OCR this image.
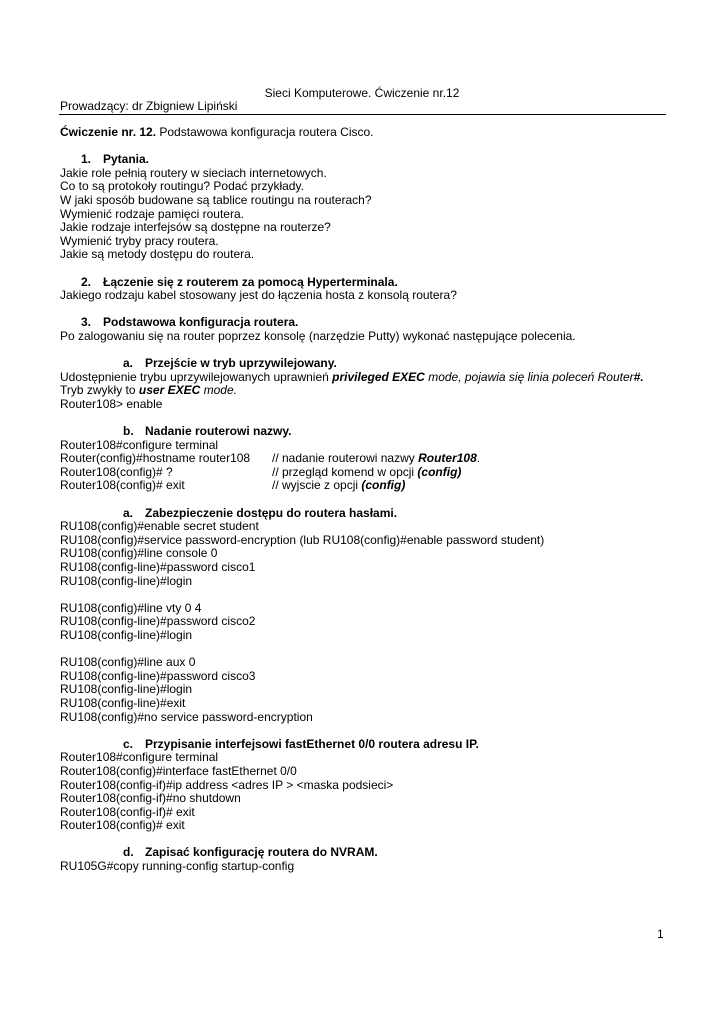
Sieci Komputerowe. Ćwiczenie nr.12
Prowadzący: dr Zbigniew Lipiński
Ćwiczenie nr. 12. Podstawowa konfiguracja routera Cisco.
1. Pytania.
Jakie role pełnią routery w sieciach internetowych.
Co to są protokoły routingu? Podać przykłady.
W jaki sposób budowane są tablice routingu na routerach?
Wymienić rodzaje pamięci routera.
Jakie rodzaje interfejsów są dostępne na routerze?
Wymienić tryby pracy routera.
Jakie są metody dostępu do routera.
2. Łączenie się z routerem za pomocą Hyperterminala.
Jakiego rodzaju kabel stosowany jest do łączenia hosta z konsolą routera?
3. Podstawowa konfiguracja routera.
Po zalogowaniu się na router poprzez konsolę (narzędzie Putty) wykonać następujące polecenia.
a. Przejście w tryb uprzywilejowany.
Udostępnienie trybu uprzywilejowanych uprawnień privileged EXEC mode, pojawia się linia poleceń Router#.
Tryb zwykły to user EXEC mode.
Router108> enable
b. Nadanie routerowi nazwy.
Router108#configure terminal
Router(config)#hostname router108 // nadanie routerowi nazwy Router108.
Router108(config)# ?	// przegląd komend w opcji (config)
Router108(config)# exit	// wyjscie z opcji (config)
a. Zabezpieczenie dostępu do routera hasłami.
RU108(config)#enable secret student
RU108(config)#service password-encryption (lub RU108(config)#enable password student)
RU108(config)#line console 0
RU108(config-line)#password cisco1
RU108(config-line)#login
RU108(config)#line vty 0 4
RU108(config-line)#password cisco2
RU108(config-line)#login
RU108(config)#line aux 0
RU108(config-line)#password cisco3
RU108(config-line)#login
RU108(config-line)#exit
RU108(config)#no service password-encryption
c. Przypisanie interfejsowi fastEthernet 0/0 routera adresu IP.
Router108#configure terminal
Router108(config)#interface fastEthernet 0/0
Router108(config-if)#ip address <adres IP > <maska podsieci>
Router108(config-if)#no shutdown
Router108(config-if)# exit
Router108(config)# exit
d. Zapisać konfigurację routera do NVRAM.
RU105G#copy running-config startup-config
1
